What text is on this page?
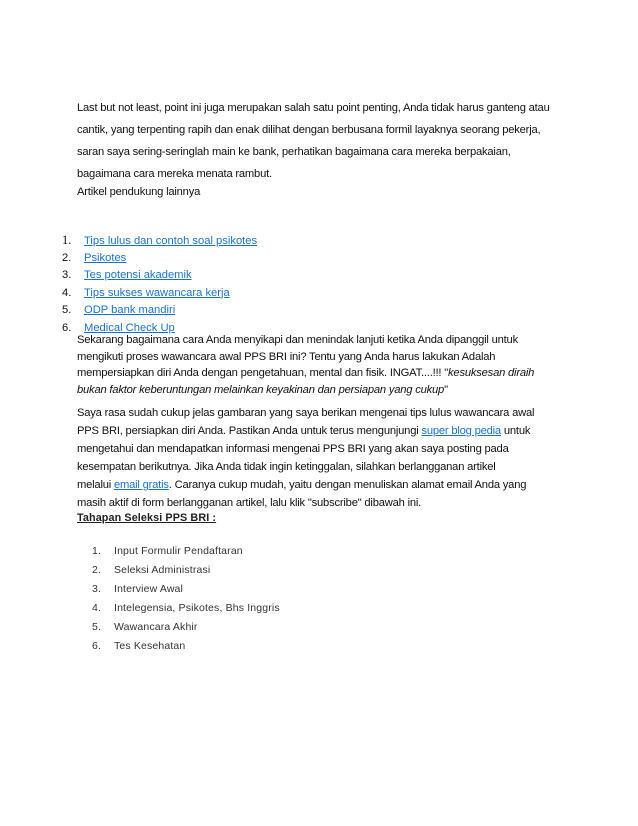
Last but not least, point ini juga merupakan salah satu point penting, Anda tidak harus ganteng atau
cantik, yang terpenting rapih dan enak dilihat dengan berbusana formil layaknya seorang pekerja,
saran saya sering-seringlah main ke bank, perhatikan bagaimana cara mereka berpakaian,
bagaimana cara mereka menata rambut.
Artikel pendukung lainnya
1. Tips lulus dan contoh soal psikotes
2. Psikotes
3. Tes potensi akademik
4. Tips sukses wawancara kerja
5. ODP bank mandiri
6. Medical Check Up
Sekarang bagaimana cara Anda menyikapi dan menindak lanjuti ketika Anda dipanggil untuk
mengikuti proses wawancara awal PPS BRI ini? Tentu yang Anda harus lakukan Adalah
mempersiapkan diri Anda dengan pengetahuan, mental dan fisik. INGAT....!!! "kesuksesan diraih
bukan faktor keberuntungan melainkan keyakinan dan persiapan yang cukup"
Saya rasa sudah cukup jelas gambaran yang saya berikan mengenai tips lulus wawancara awal
PPS BRI, persiapkan diri Anda. Pastikan Anda untuk terus mengunjungi super blog pedia untuk
mengetahui dan mendapatkan informasi mengenai PPS BRI yang akan saya posting pada
kesempatan berikutnya. Jika Anda tidak ingin ketinggalan, silahkan berlangganan artikel
melalui email gratis. Caranya cukup mudah, yaitu dengan menuliskan alamat email Anda yang
masih aktif di form berlangganan artikel, lalu klik "subscribe" dibawah ini.
Tahapan Seleksi PPS BRI :
1. Input Formulir Pendaftaran
2. Seleksi Administrasi
3. Interview Awal
4. Intelegensia, Psikotes, Bhs Inggris
5. Wawancara Akhir
6. Tes Kesehatan
